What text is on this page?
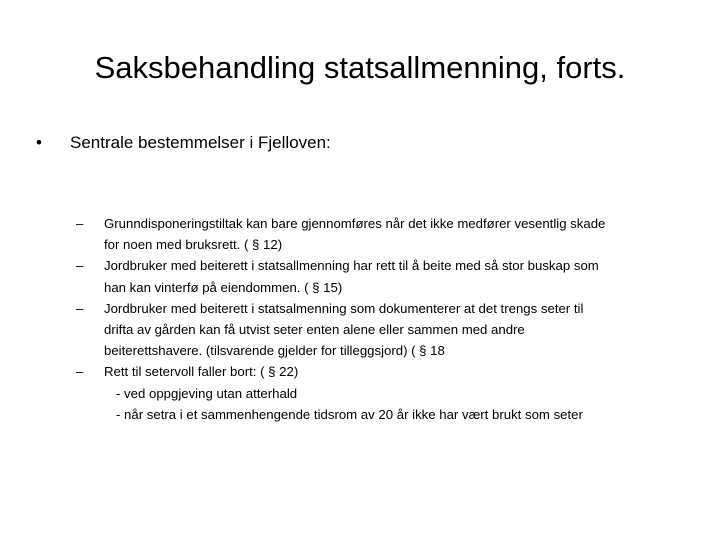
Saksbehandling statsallmenning, forts.
• Sentrale bestemmelser i Fjelloven:
– Grunndisponeringstiltak kan bare gjennomføres når det ikke medfører vesentlig skade
for noen med bruksrett. ( § 12)
– Jordbruker med beiterett i statsallmenning har rett til å beite med så stor buskap som
han kan vinterfø på eiendommen. ( § 15)
– Jordbruker med beiterett i statsalmenning som dokumenterer at det trengs seter til
drifta av gården kan få utvist seter enten alene eller sammen med andre
beiterettshavere. (tilsvarende gjelder for tilleggsjord) ( § 18
– Rett til setervoll faller bort: ( § 22)
- ved oppgjeving utan atterhald
- når setra i et sammenhengende tidsrom av 20 år ikke har vært brukt som seter
